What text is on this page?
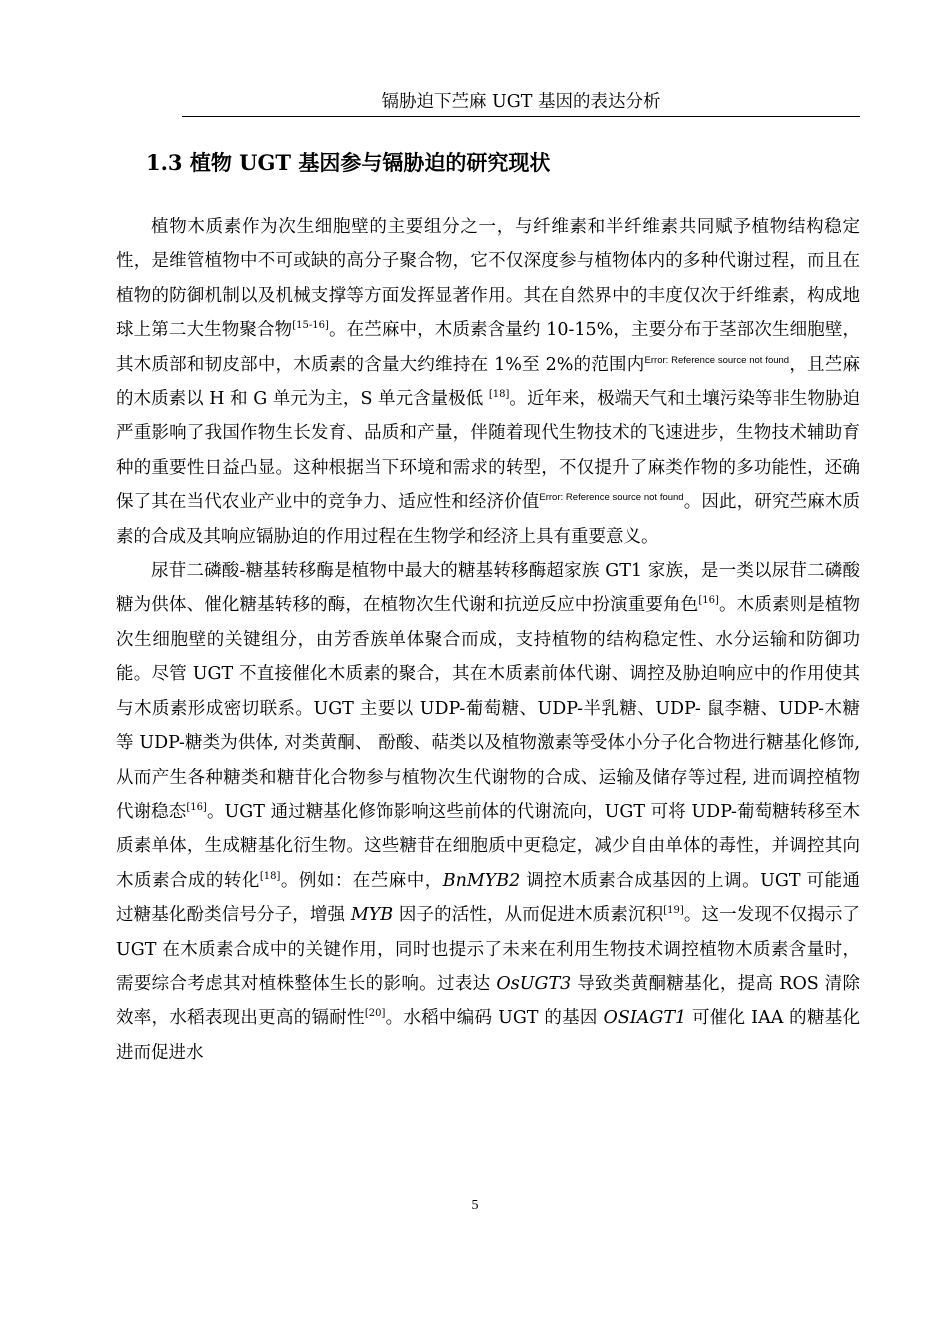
镉胁迫下苎麻 UGT 基因的表达分析
1.3 植物 UGT 基因参与镉胁迫的研究现状

植物木质素作为次生细胞壁的主要组分之一，与纤维素和半纤维素共同赋予植物结构稳定性，是维管植物中不可或缺的高分子聚合物，它不仅深度参与植物体内的多种代谢过程，而且在植物的防御机制以及机械支撑等方面发挥显著作用。其在自然界中的丰度仅次于纤维素，构成地球上第二大生物聚合物[15-16]。在苎麻中，木质素含量约 10-15%，主要分布于茎部次生细胞壁，其木质部和韧皮部中，木质素的含量大约维持在 1%至 2%的范围内$^{Error: Reference source not found}$，且苎麻的木质素以 H 和 G 单元为主，S 单元含量极低 [18]。近年来，极端天气和土壤污染等非生物胁迫严重影响了我国作物生长发育、品质和产量，伴随着现代生物技术的飞速进步，生物技术辅助育种的重要性日益凸显。这种根据当下环境和需求的转型，不仅提升了麻类作物的多功能性，还确保了其在当代农业产业中的竞争力、适应性和经济价值$^{Error: Reference source not found}$。因此，研究苎麻木质素的合成及其响应镉胁迫的作用过程在生物学和经济上具有重要意义。

尿苷二磷酸-糖基转移酶是植物中最大的糖基转移酶超家族 GT1 家族，是一类以尿苷二磷酸糖为供体、催化糖基转移的酶，在植物次生代谢和抗逆反应中扮演重要角色[16]。木质素则是植物次生细胞壁的关键组分，由芳香族单体聚合而成，支持植物的结构稳定性、水分运输和防御功能。尽管 UGT 不直接催化木质素的聚合，其在木质素前体代谢、调控及胁迫响应中的作用使其与木质素形成密切联系。UGT 主要以 UDP-葡萄糖、UDP-半乳糖、UDP- 鼠李糖、UDP-木糖等 UDP-糖类为供体, 对类黄酮、 酚酸、萜类以及植物激素等受体小分子化合物进行糖基化修饰, 从而产生各种糖类和糖苷化合物参与植物次生代谢物的合成、运输及储存等过程, 进而调控植物代谢稳态[16]。UGT 通过糖基化修饰影响这些前体的代谢流向，UGT 可将 UDP-葡萄糖转移至木质素单体，生成糖基化衍生物。这些糖苷在细胞质中更稳定，减少自由单体的毒性，并调控其向木质素合成的转化[18]。例如：在苎麻中，BnMYB2 调控木质素合成基因的上调。UGT 可能通过糖基化酚类信号分子，增强 MYB 因子的活性，从而促进木质素沉积[19]。这一发现不仅揭示了 UGT 在木质素合成中的关键作用，同时也提示了未来在利用生物技术调控植物木质素含量时，需要综合考虑其对植株整体生长的影响。过表达 OsUGT3 导致类黄酮糖基化，提高 ROS 清除效率，水稻表现出更高的镉耐性[20]。水稻中编码 UGT 的基因 OSIAGT1 可催化 IAA 的糖基化进而促进水

5
